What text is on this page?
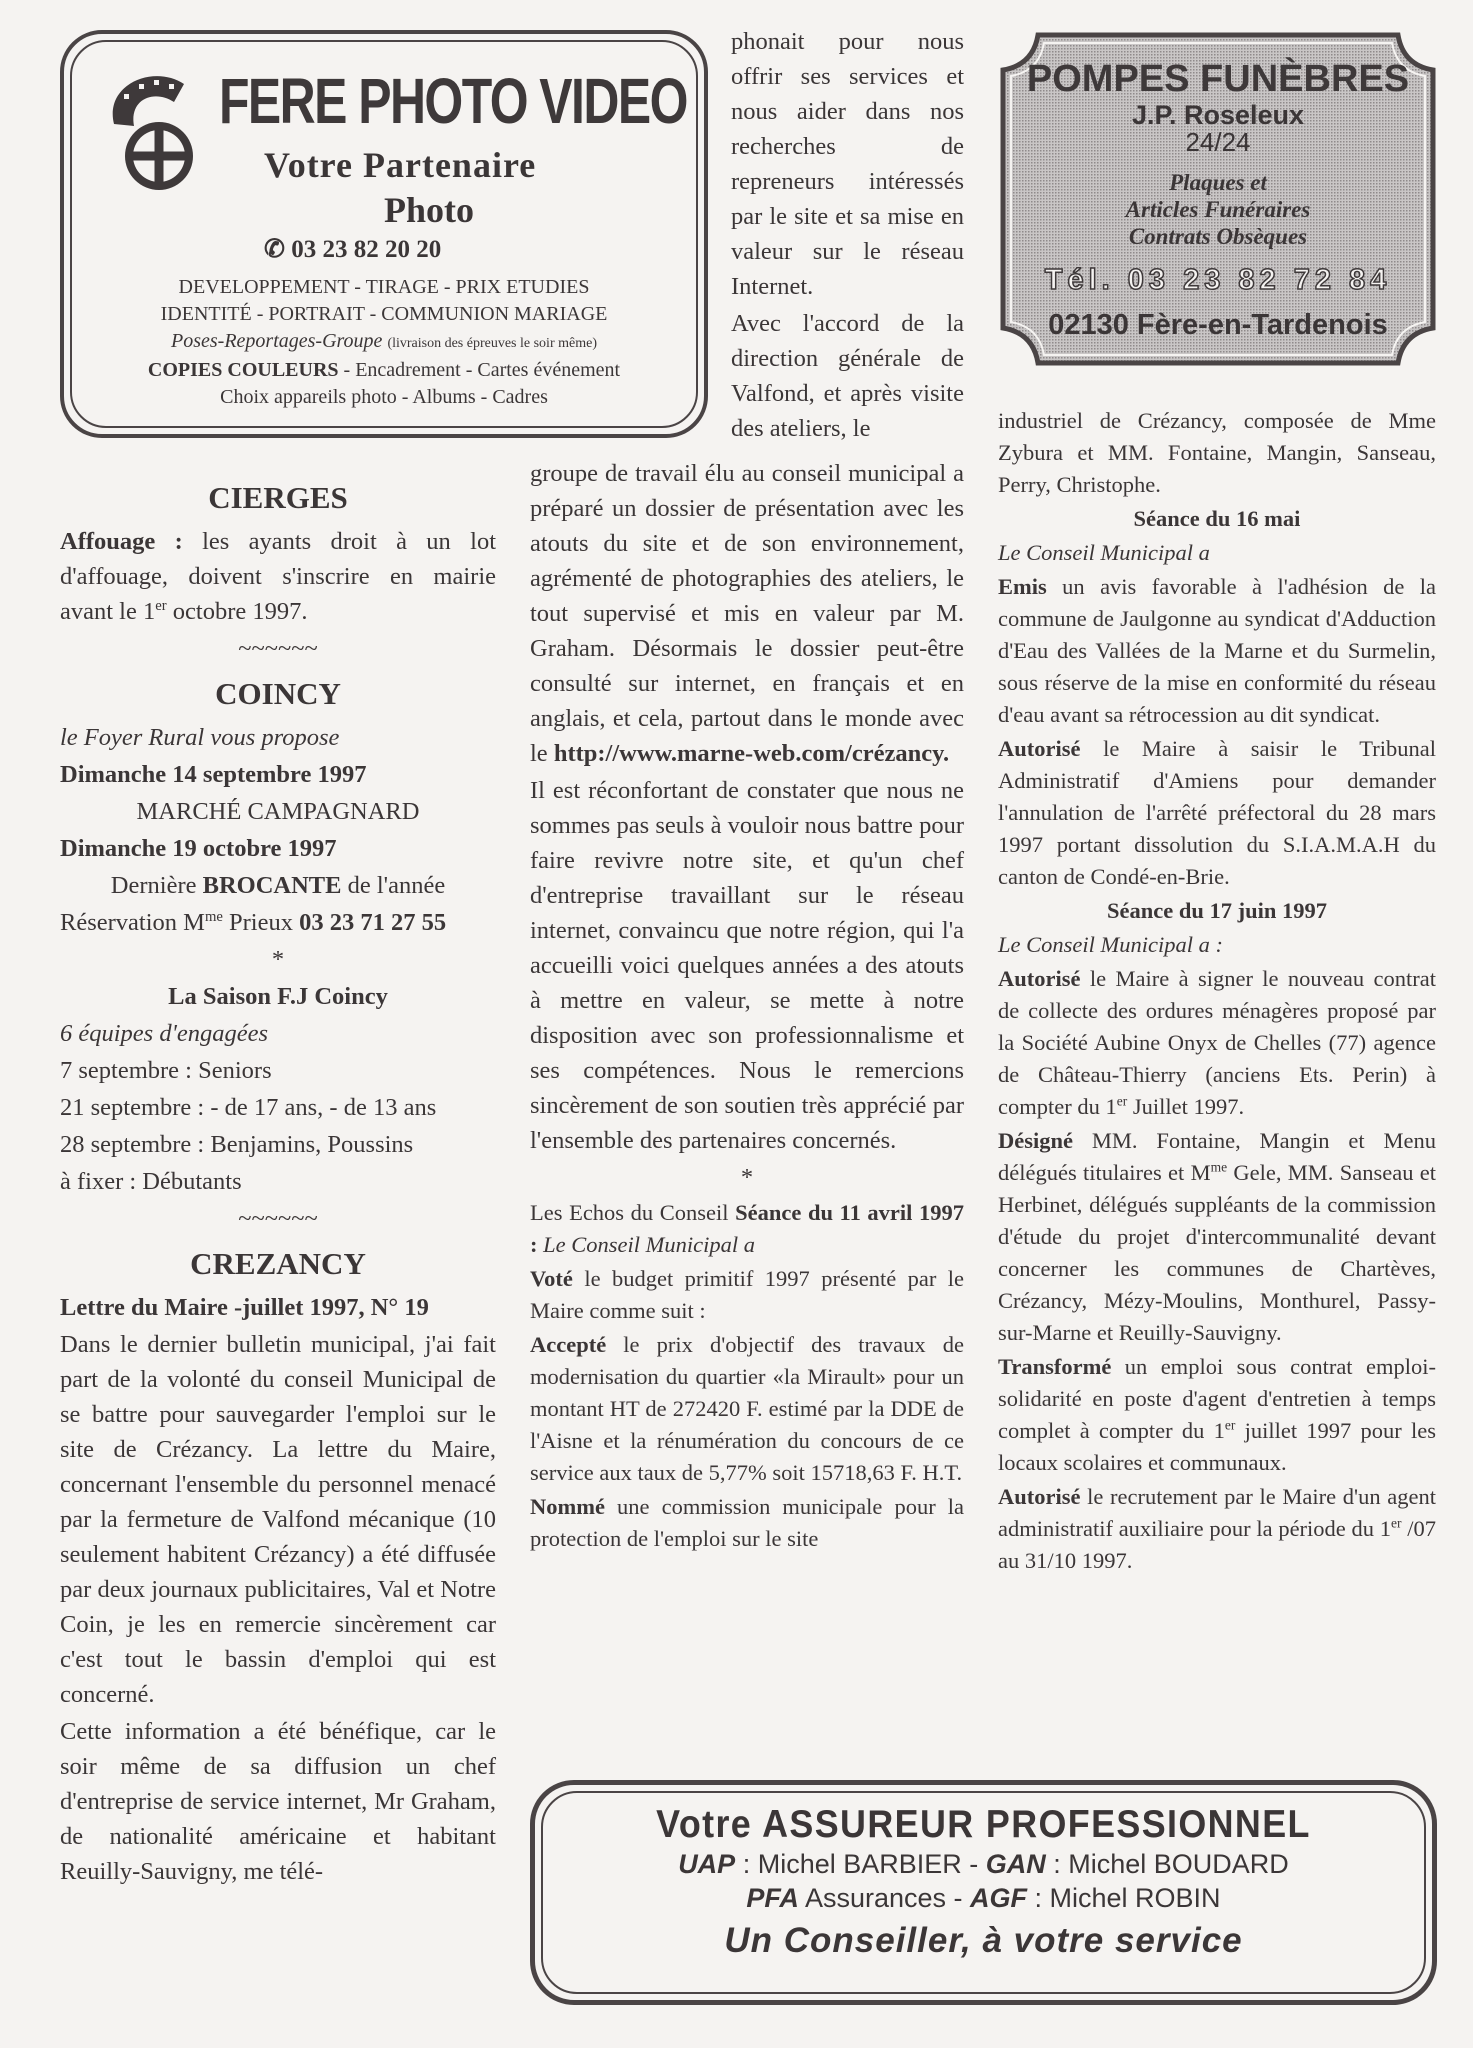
FERE PHOTO VIDEO
Votre Partenaire
Photo
✆ 03 23 82 20 20
DEVELOPPEMENT - TIRAGE - PRIX ETUDIES
IDENTITÉ - PORTRAIT - COMMUNION MARIAGE
Poses-Reportages-Groupe (livraison des épreuves le soir même)
COPIES COULEURS - Encadrement - Cartes événement
Choix appareils photo - Albums - Cadres
POMPES FUNÈBRES
J.P. Roseleux
24/24
Plaques et
Articles Funéraires
Contrats Obsèques
Tél. 03 23 82 72 84
02130 Fère-en-Tardenois
CIERGES

Affouage : les ayants droit à un lot d'affouage, doivent s'inscrire en mairie avant le 1er octobre 1997.

~~~~~~

COINCY

le Foyer Rural vous propose

Dimanche 14 septembre 1997

MARCHÉ CAMPAGNARD

Dimanche 19 octobre 1997

Dernière BROCANTE de l'année

Réservation $M^{me}$ Prieux 03 23 71 27 55

*

La Saison F.J Coincy

6 équipes d'engagées

7 septembre : Seniors

21 septembre : - de 17 ans, - de 13 ans

28 septembre : Benjamins, Poussins

à fixer : Débutants

~~~~~~

CREZANCY

Lettre du Maire -juillet 1997, N° 19

Dans le dernier bulletin municipal, j'ai fait part de la volonté du conseil Municipal de se battre pour sauvegarder l'emploi sur le site de Crézancy. La lettre du Maire, concernant l'ensemble du personnel menacé par la fermeture de Valfond mécanique (10 seulement habitent Crézancy) a été diffusée par deux journaux publicitaires, Val et Notre Coin, je les en remercie sincèrement car c'est tout le bassin d'emploi qui est concerné.

Cette information a été bénéfique, car le soir même de sa diffusion un chef d'entreprise de service internet, Mr Graham, de nationalité américaine et habitant Reuilly-Sauvigny, me télé-

phonait pour nous offrir ses services et nous aider dans nos recherches de repreneurs intéressés par le site et sa mise en valeur sur le réseau Internet.

Avec l'accord de la direction générale de Valfond, et après visite des ateliers, le

groupe de travail élu au conseil municipal a préparé un dossier de présentation avec les atouts du site et de son environnement, agrémenté de photographies des ateliers, le tout supervisé et mis en valeur par M. Graham. Désormais le dossier peut-être consulté sur internet, en français et en anglais, et cela, partout dans le monde avec le http://www.marne-web.com/crézancy.

Il est réconfortant de constater que nous ne sommes pas seuls à vouloir nous battre pour faire revivre notre site, et qu'un chef d'entreprise travaillant sur le réseau internet, convaincu que notre région, qui l'a accueilli voici quelques années a des atouts à mettre en valeur, se mette à notre disposition avec son professionnalisme et ses compétences. Nous le remercions sincèrement de son soutien très apprécié par l'ensemble des partenaires concernés.

*

Les Echos du Conseil Séance du 11 avril 1997 : Le Conseil Municipal a

Voté le budget primitif 1997 présenté par le Maire comme suit :

Accepté le prix d'objectif des travaux de modernisation du quartier «la Mirault» pour un montant HT de 272420 F. estimé par la DDE de l'Aisne et la rénumération du concours de ce service aux taux de 5,77% soit 15718,63 F. H.T.

Nommé une commission municipale pour la protection de l'emploi sur le site

industriel de Crézancy, composée de Mme Zybura et MM. Fontaine, Mangin, Sanseau, Perry, Christophe.

Séance du 16 mai

Le Conseil Municipal a

Emis un avis favorable à l'adhésion de la commune de Jaulgonne au syndicat d'Adduction d'Eau des Vallées de la Marne et du Surmelin, sous réserve de la mise en conformité du réseau d'eau avant sa rétrocession au dit syndicat.

Autorisé le Maire à saisir le Tribunal Administratif d'Amiens pour demander l'annulation de l'arrêté préfectoral du 28 mars 1997 portant dissolution du S.I.A.M.A.H du canton de Condé-en-Brie.

Séance du 17 juin 1997

Le Conseil Municipal a :

Autorisé le Maire à signer le nouveau contrat de collecte des ordures ménagères proposé par la Société Aubine Onyx de Chelles (77) agence de Château-Thierry (anciens Ets. Perin) à compter du 1er Juillet 1997.

Désigné MM. Fontaine, Mangin et Menu délégués titulaires et $M^{me}$ Gele, MM. Sanseau et Herbinet, délégués suppléants de la commission d'étude du projet d'intercommunalité devant concerner les communes de Chartèves, Crézancy, Mézy-Moulins, Monthurel, Passy-sur-Marne et Reuilly-Sauvigny.

Transformé un emploi sous contrat emploi-solidarité en poste d'agent d'entretien à temps complet à compter du 1er juillet 1997 pour les locaux scolaires et communaux.

Autorisé le recrutement par le Maire d'un agent administratif auxiliaire pour la période du 1er /07 au 31/10 1997.

Votre ASSUREUR PROFESSIONNEL
UAP : Michel BARBIER - GAN : Michel BOUDARD
PFA Assurances - AGF : Michel ROBIN
Un Conseiller, à votre service
